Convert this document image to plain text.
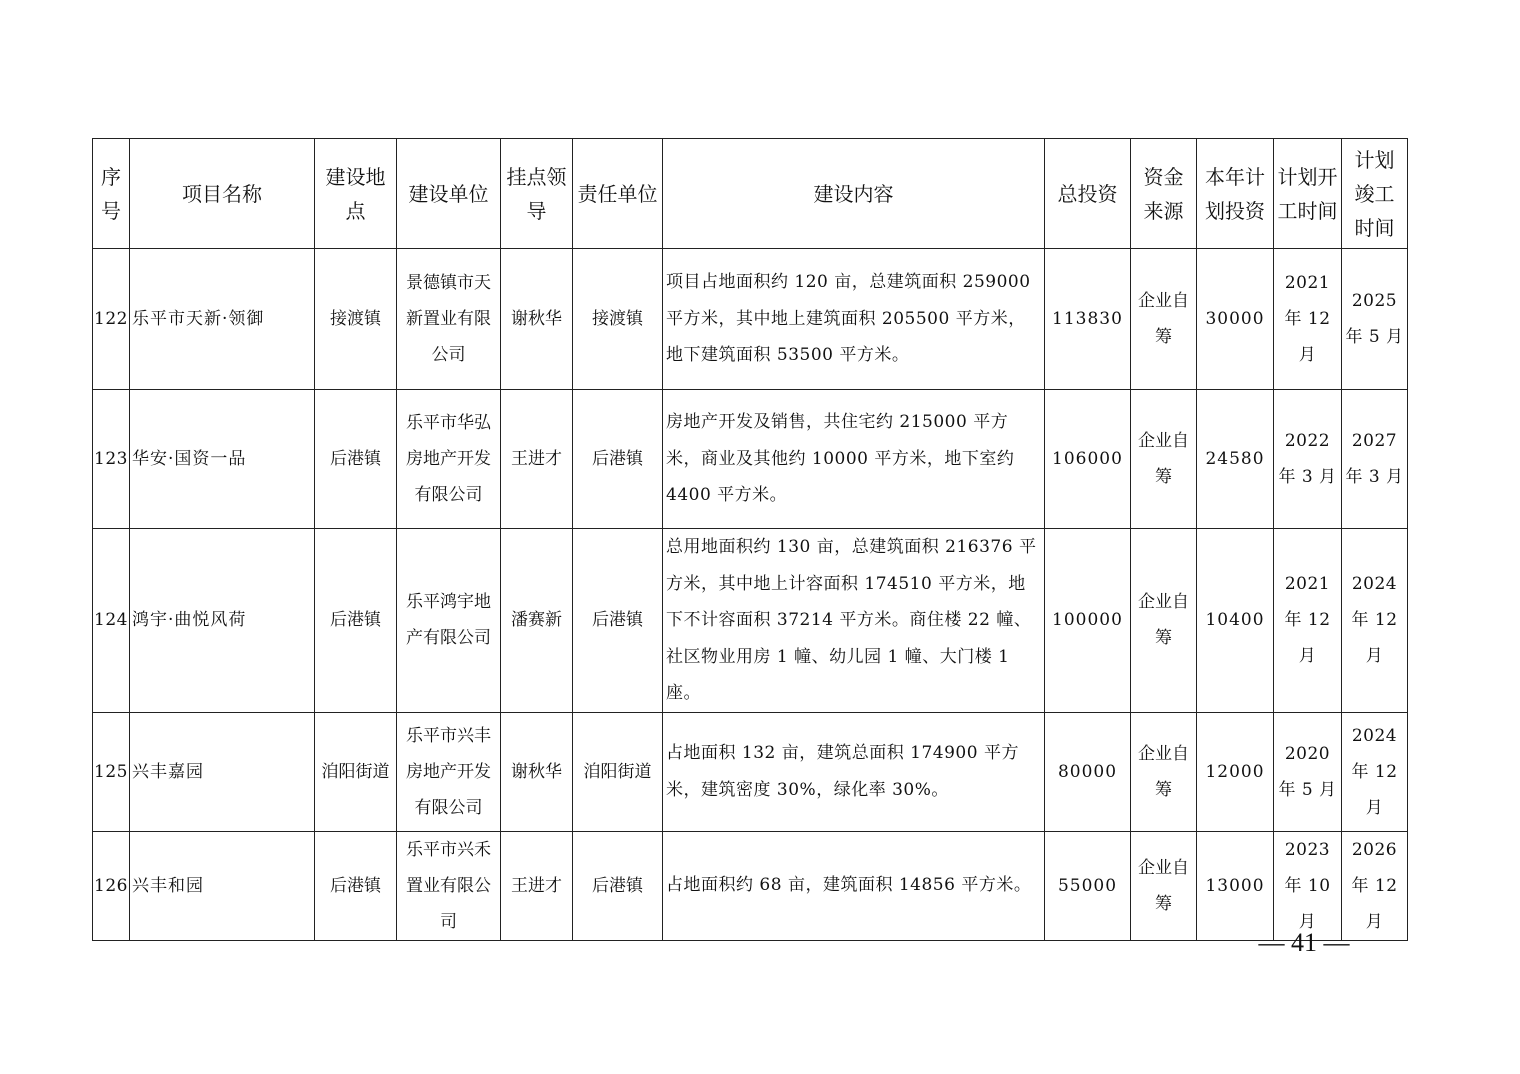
序号	项目名称	建设地点	建设单位	挂点领导	责任单位	建设内容	总投资	资金来源	本年计划投资	计划开工时间	计划竣工时间
122	乐平市天新·领御	接渡镇	景德镇市天新置业有限公司	谢秋华	接渡镇	项目占地面积约 120 亩，总建筑面积 259000 平方米，其中地上建筑面积 205500 平方米，地下建筑面积 53500 平方米。	113830	企业自筹	30000	2021 年 12 月	2025 年 5 月
123	华安·国资一品	后港镇	乐平市华弘房地产开发有限公司	王进才	后港镇	房地产开发及销售，共住宅约 215000 平方米，商业及其他约 10000 平方米，地下室约 4400 平方米。	106000	企业自筹	24580	2022 年 3 月	2027 年 3 月
124	鸿宇·曲悦风荷	后港镇	乐平鸿宇地产有限公司	潘赛新	后港镇	总用地面积约 130 亩，总建筑面积 216376 平方米，其中地上计容面积 174510 平方米，地下不计容面积 37214 平方米。商住楼 22 幢、社区物业用房 1 幢、幼儿园 1 幢、大门楼 1 座。	100000	企业自筹	10400	2021 年 12 月	2024 年 12 月
125	兴丰嘉园	洎阳街道	乐平市兴丰房地产开发有限公司	谢秋华	洎阳街道	占地面积 132 亩，建筑总面积 174900 平方米，建筑密度 30%，绿化率 30%。	80000	企业自筹	12000	2020 年 5 月	2024 年 12 月
126	兴丰和园	后港镇	乐平市兴禾置业有限公司	王进才	后港镇	占地面积约 68 亩，建筑面积 14856 平方米。	55000	企业自筹	13000	2023 年 10 月	2026 年 12 月
— 41 —
